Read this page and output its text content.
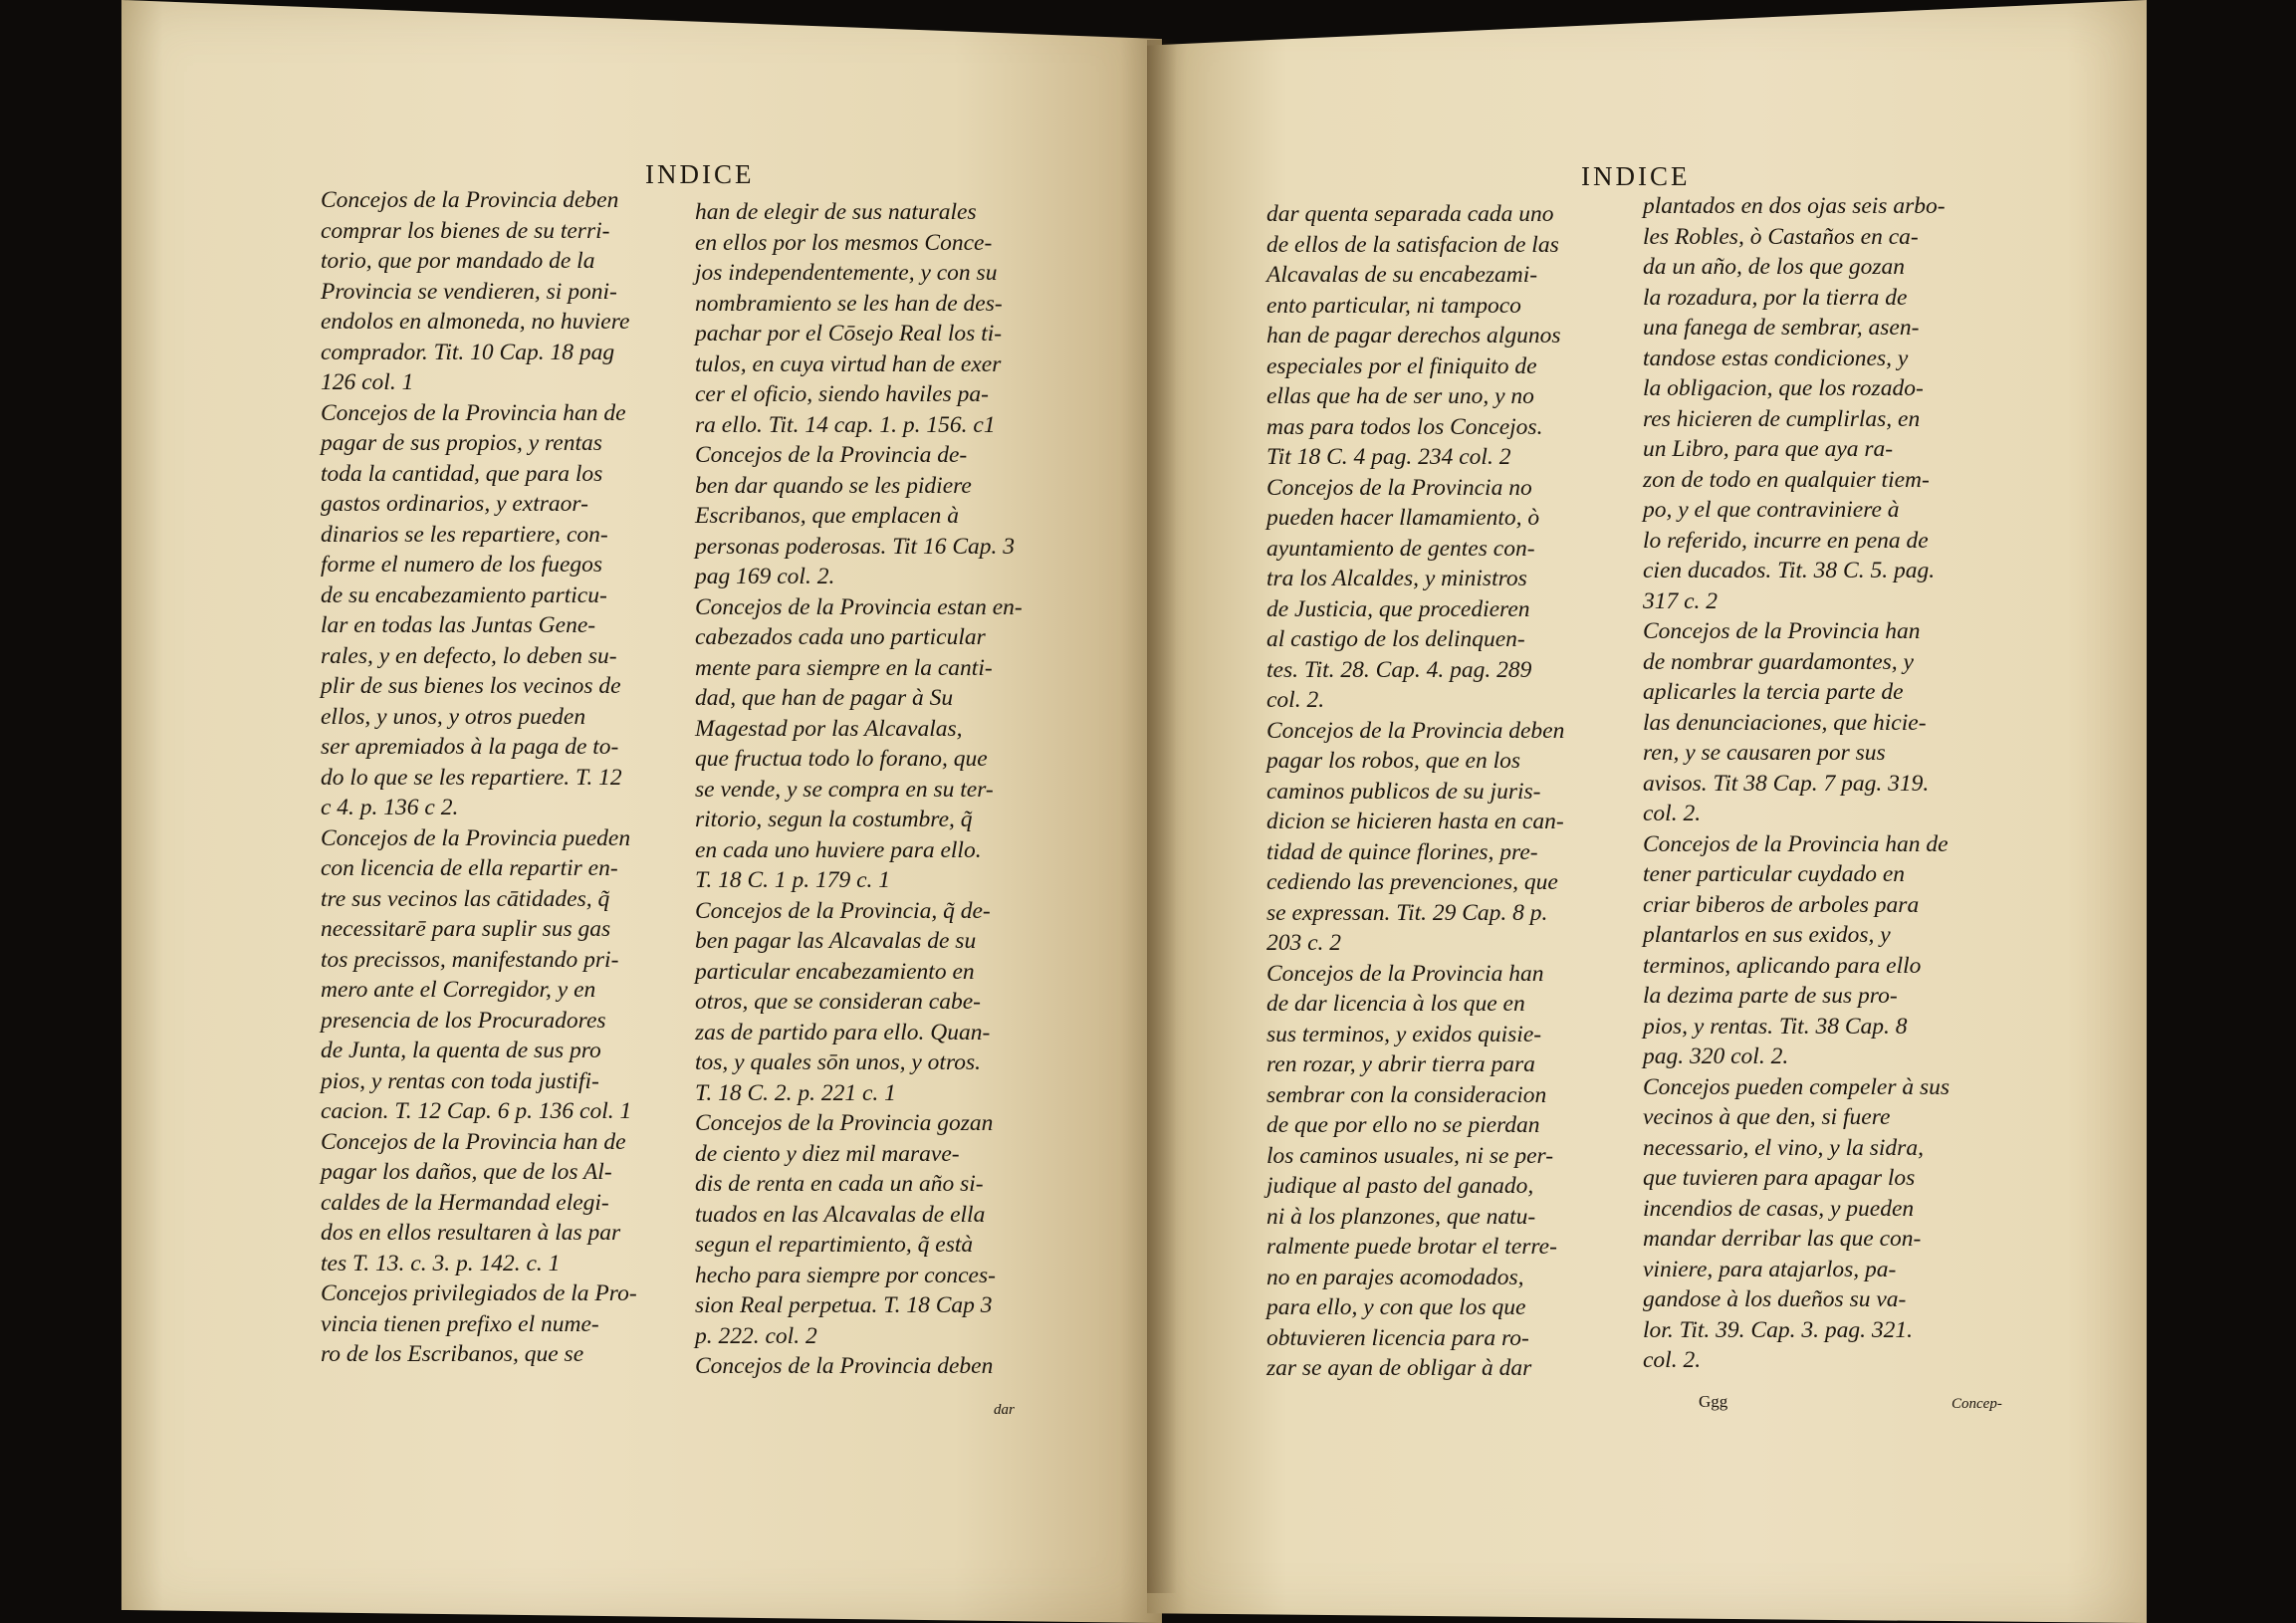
INDICE	INDICE

Concejos de la Provincia deben
comprar los bienes de su terri-
torio, que por mandado de la
Provincia se vendieren, si poni-
endolos en almoneda, no huviere
comprador. Tit. 10 Cap. 18 pag
126 col. 1

Concejos de la Provincia han de
pagar de sus propios, y rentas
toda la cantidad, que para los
gastos ordinarios, y extraor-
dinarios se les repartiere, con-
forme el numero de los fuegos
de su encabezamiento particu-
lar en todas las Juntas Gene-
rales, y en defecto, lo deben su-
plir de sus bienes los vecinos de
ellos, y unos, y otros pueden
ser apremiados à la paga de to-
do lo que se les repartiere. T. 12
c 4. p. 136 c 2.

Concejos de la Provincia pueden
con licencia de ella repartir en-
tre sus vecinos las cātidades, q̃
necessitarē para suplir sus gas
tos precissos, manifestando pri-
mero ante el Corregidor, y en
presencia de los Procuradores
de Junta, la quenta de sus pro
pios, y rentas con toda justifi-
cacion. T. 12 Cap. 6 p. 136 col. 1

Concejos de la Provincia han de
pagar los daños, que de los Al-
caldes de la Hermandad elegi-
dos en ellos resultaren à las par
tes T. 13. c. 3. p. 142. c. 1

Concejos privilegiados de la Pro-
vincia tienen prefixo el nume-
ro de los Escribanos, que se

han de elegir de sus naturales
en ellos por los mesmos Conce-
jos independentemente, y con su
nombramiento se les han de des-
pachar por el Cōsejo Real los ti-
tulos, en cuya virtud han de exer
cer el oficio, siendo haviles pa-
ra ello. Tit. 14 cap. 1. p. 156. c1

Concejos de la Provincia de-
ben dar quando se les pidiere
Escribanos, que emplacen à
personas poderosas. Tit 16 Cap. 3
pag 169 col. 2.

Concejos de la Provincia estan en-
cabezados cada uno particular
mente para siempre en la canti-
dad, que han de pagar à Su
Magestad por las Alcavalas,
que fructua todo lo forano, que
se vende, y se compra en su ter-
ritorio, segun la costumbre, q̃
en cada uno huviere para ello.
T. 18 C. 1 p. 179 c. 1

Concejos de la Provincia, q̃ de-
ben pagar las Alcavalas de su
particular encabezamiento en
otros, que se consideran cabe-
zas de partido para ello. Quan-
tos, y quales sōn unos, y otros.
T. 18 C. 2. p. 221 c. 1

Concejos de la Provincia gozan
de ciento y diez mil marave-
dis de renta en cada un año si-
tuados en las Alcavalas de ella
segun el repartimiento, q̃ està
hecho para siempre por conces-
sion Real perpetua. T. 18 Cap 3
p. 222. col. 2

Concejos de la Provincia deben

dar quenta separada cada uno
de ellos de la satisfacion de las
Alcavalas de su encabezami-
ento particular, ni tampoco
han de pagar derechos algunos
especiales por el finiquito de
ellas que ha de ser uno, y no
mas para todos los Concejos.
Tit 18 C. 4 pag. 234 col. 2

Concejos de la Provincia no
pueden hacer llamamiento, ò
ayuntamiento de gentes con-
tra los Alcaldes, y ministros
de Justicia, que procedieren
al castigo de los delinquen-
tes. Tit. 28. Cap. 4. pag. 289
col. 2.

Concejos de la Provincia deben
pagar los robos, que en los
caminos publicos de su juris-
dicion se hicieren hasta en can-
tidad de quince florines, pre-
cediendo las prevenciones, que
se expressan. Tit. 29 Cap. 8 p.
203 c. 2

Concejos de la Provincia han
de dar licencia à los que en
sus terminos, y exidos quisie-
ren rozar, y abrir tierra para
sembrar con la consideracion
de que por ello no se pierdan
los caminos usuales, ni se per-
judique al pasto del ganado,
ni à los planzones, que natu-
ralmente puede brotar el terre-
no en parajes acomodados,
para ello, y con que los que
obtuvieren licencia para ro-
zar se ayan de obligar à dar

plantados en dos ojas seis arbo-
les Robles, ò Castaños en ca-
da un año, de los que gozan
la rozadura, por la tierra de
una fanega de sembrar, asen-
tandose estas condiciones, y
la obligacion, que los rozado-
res hicieren de cumplirlas, en
un Libro, para que aya ra-
zon de todo en qualquier tiem-
po, y el que contraviniere à
lo referido, incurre en pena de
cien ducados. Tit. 38 C. 5. pag.
317 c. 2

Concejos de la Provincia han
de nombrar guardamontes, y
aplicarles la tercia parte de
las denunciaciones, que hicie-
ren, y se causaren por sus
avisos. Tit 38 Cap. 7 pag. 319.
col. 2.

Concejos de la Provincia han de
tener particular cuydado en
criar biberos de arboles para
plantarlos en sus exidos, y
terminos, aplicando para ello
la dezima parte de sus pro-
pios, y rentas. Tit. 38 Cap. 8
pag. 320 col. 2.

Concejos pueden compeler à sus
vecinos à que den, si fuere
necessario, el vino, y la sidra,
que tuvieren para apagar los
incendios de casas, y pueden
mandar derribar las que con-
viniere, para atajarlos, pa-
gandose à los dueños su va-
lor. Tit. 39. Cap. 3. pag. 321.
col. 2.

dar	Ggg	Concep-
